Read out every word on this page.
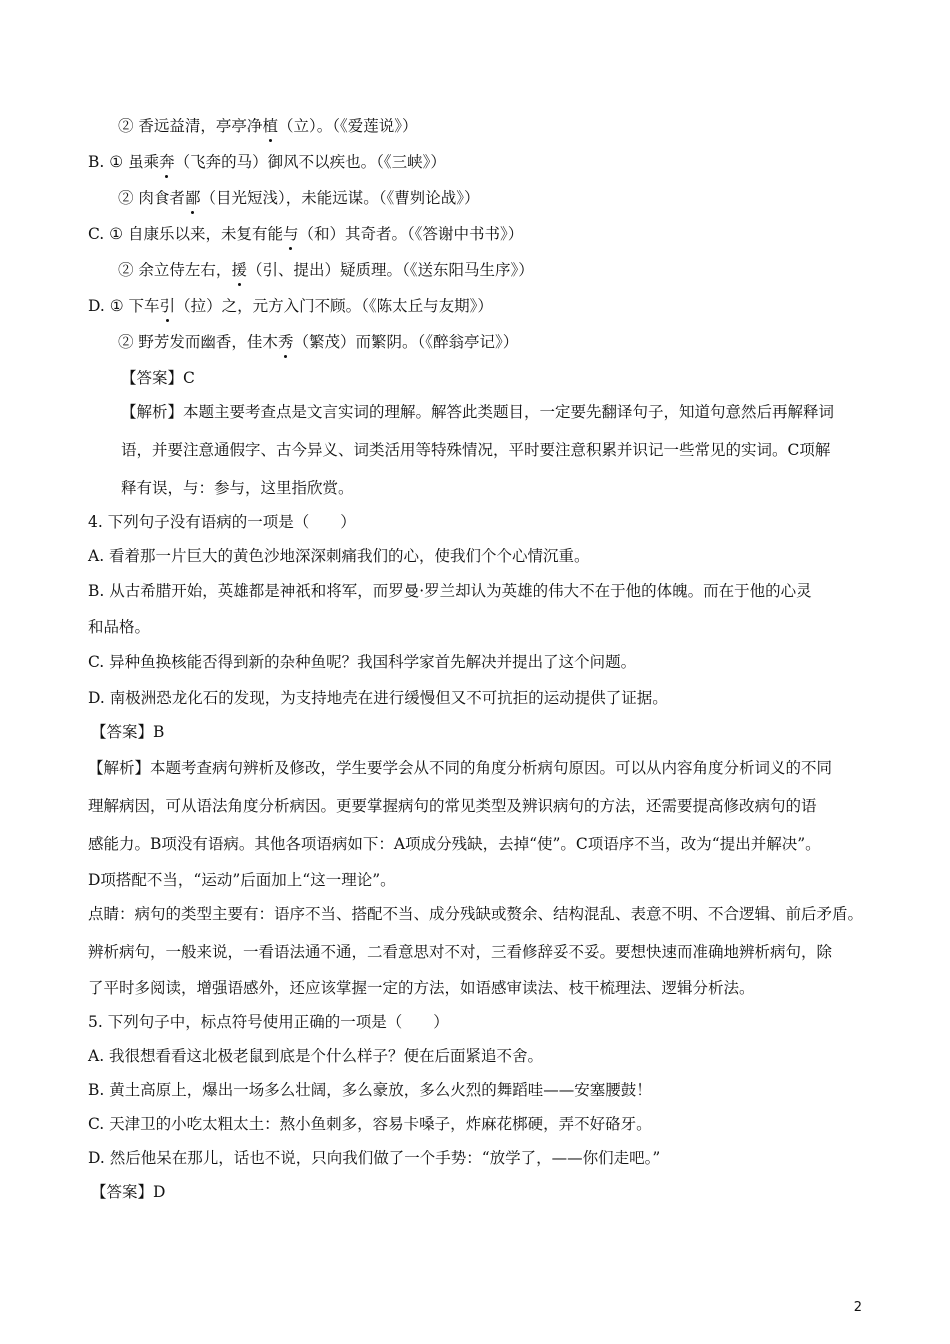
② 香远益清，亭亭净植（立）。（《爱莲说》）
B. ① 虽乘奔（飞奔的马）御风不以疾也。（《三峡》）
② 肉食者鄙（目光短浅），未能远谋。（《曹刿论战》）
C. ① 自康乐以来，未复有能与（和）其奇者。（《答谢中书书》）
② 余立侍左右，援（引、提出）疑质理。（《送东阳马生序》）
D. ① 下车引（拉）之，元方入门不顾。（《陈太丘与友期》）
② 野芳发而幽香，佳木秀（繁茂）而繁阴。（《醉翁亭记》）
【答案】C
【解析】本题主要考查点是文言实词的理解。解答此类题目，一定要先翻译句子，知道句意然后再解释词
语，并要注意通假字、古今异义、词类活用等特殊情况，平时要注意积累并识记一些常见的实词。C项解
释有误，与：参与，这里指欣赏。
4. 下列句子没有语病的一项是（　　）
A. 看着那一片巨大的黄色沙地深深刺痛我们的心，使我们个个心情沉重。
B. 从古希腊开始，英雄都是神祇和将军，而罗曼·罗兰却认为英雄的伟大不在于他的体魄。而在于他的心灵
和品格。
C. 异种鱼换核能否得到新的杂种鱼呢？我国科学家首先解决并提出了这个问题。
D. 南极洲恐龙化石的发现，为支持地壳在进行缓慢但又不可抗拒的运动提供了证据。
【答案】B
【解析】本题考查病句辨析及修改，学生要学会从不同的角度分析病句原因。可以从内容角度分析词义的不同
理解病因，可从语法角度分析病因。更要掌握病句的常见类型及辨识病句的方法，还需要提高修改病句的语
感能力。B项没有语病。其他各项语病如下：A项成分残缺，去掉“使”。C项语序不当，改为“提出并解决”。
D项搭配不当，“运动”后面加上“这一理论”。
点睛：病句的类型主要有：语序不当、搭配不当、成分残缺或赘余、结构混乱、表意不明、不合逻辑、前后矛盾。
辨析病句，一般来说，一看语法通不通，二看意思对不对，三看修辞妥不妥。要想快速而准确地辨析病句，除
了平时多阅读，增强语感外，还应该掌握一定的方法，如语感审读法、枝干梳理法、逻辑分析法。
5. 下列句子中，标点符号使用正确的一项是（　　）
A. 我很想看看这北极老鼠到底是个什么样子？便在后面紧追不舍。
B. 黄土高原上，爆出一场多么壮阔，多么豪放，多么火烈的舞蹈哇——安塞腰鼓！
C. 天津卫的小吃太粗太土：熬小鱼刺多，容易卡嗓子，炸麻花梆硬，弄不好硌牙。
D. 然后他呆在那儿，话也不说，只向我们做了一个手势：“放学了，——你们走吧。”
【答案】D
2
